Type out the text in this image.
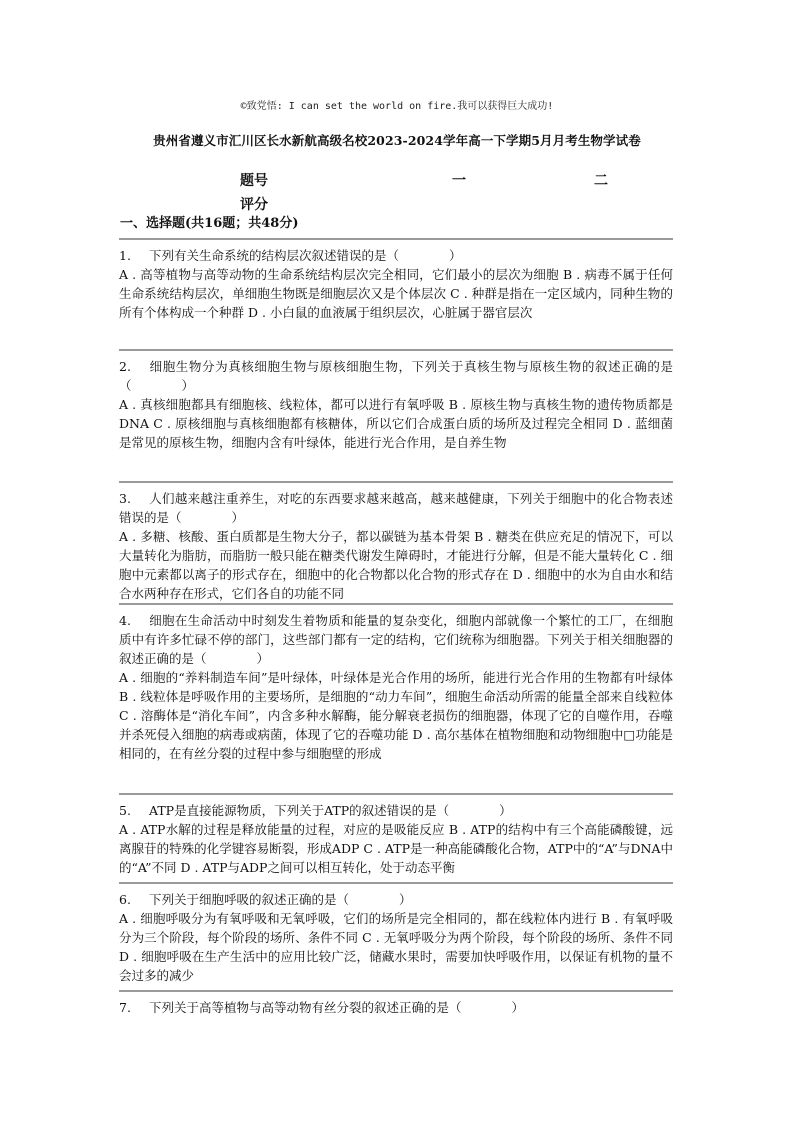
©致党悟: I can set the world on fire.我可以获得巨大成功!
贵州省遵义市汇川区长水新航高级名校2023-2024学年高一下学期5月月考生物学试卷
题号	一	二
评分
一、选择题(共16题；共48分)

1. 下列有关生命系统的结构层次叙述错误的是（　　　　）

A . 高等植物与高等动物的生命系统结构层次完全相同，它们最小的层次为细胞 B . 病毒不属于任何生命系统结构层次，单细胞生物既是细胞层次又是个体层次 C . 种群是指在一定区域内，同种生物的所有个体构成一个种群 D . 小白鼠的血液属于组织层次，心脏属于器官层次

2. 细胞生物分为真核细胞生物与原核细胞生物，下列关于真核生物与原核生物的叙述正确的是（　　　　）

A . 真核细胞都具有细胞核、线粒体，都可以进行有氧呼吸 B . 原核生物与真核生物的遗传物质都是DNA C . 原核细胞与真核细胞都有核糖体，所以它们合成蛋白质的场所及过程完全相同 D . 蓝细菌是常见的原核生物，细胞内含有叶绿体，能进行光合作用，是自养生物

3. 人们越来越注重养生，对吃的东西要求越来越高，越来越健康，下列关于细胞中的化合物表述错误的是（　　　　）

A . 多糖、核酸、蛋白质都是生物大分子，都以碳链为基本骨架 B . 糖类在供应充足的情况下，可以大量转化为脂肪，而脂肪一般只能在糖类代谢发生障碍时，才能进行分解，但是不能大量转化 C . 细胞中元素都以离子的形式存在，细胞中的化合物都以化合物的形式存在 D . 细胞中的水为自由水和结合水两种存在形式，它们各自的功能不同

4. 细胞在生命活动中时刻发生着物质和能量的复杂变化，细胞内部就像一个繁忙的工厂，在细胞质中有许多忙碌不停的部门，这些部门都有一定的结构，它们统称为细胞器。下列关于相关细胞器的叙述正确的是（　　　　）

A . 细胞的“养料制造车间”是叶绿体，叶绿体是光合作用的场所，能进行光合作用的生物都有叶绿体 B . 线粒体是呼吸作用的主要场所，是细胞的“动力车间”，细胞生命活动所需的能量全部来自线粒体 C . 溶酶体是“消化车间”，内含多种水解酶，能分解衰老损伤的细胞器，体现了它的自噬作用，吞噬并杀死侵入细胞的病毒或病菌，体现了它的吞噬功能 D . 高尔基体在植物细胞和动物细胞中□功能是相同的，在有丝分裂的过程中参与细胞壁的形成

5. ATP是直接能源物质，下列关于ATP的叙述错误的是（　　　　）

A . ATP水解的过程是释放能量的过程，对应的是吸能反应 B . ATP的结构中有三个高能磷酸键，远离腺苷的特殊的化学键容易断裂，形成ADP C . ATP是一种高能磷酸化合物，ATP中的“A”与DNA中的“A”不同 D . ATP与ADP之间可以相互转化，处于动态平衡

6. 下列关于细胞呼吸的叙述正确的是（　　　　）

A . 细胞呼吸分为有氧呼吸和无氧呼吸，它们的场所是完全相同的，都在线粒体内进行 B . 有氧呼吸分为三个阶段，每个阶段的场所、条件不同 C . 无氧呼吸分为两个阶段，每个阶段的场所、条件不同 D . 细胞呼吸在生产生活中的应用比较广泛，储藏水果时，需要加快呼吸作用，以保证有机物的量不会过多的减少

7. 下列关于高等植物与高等动物有丝分裂的叙述正确的是（　　　　）
